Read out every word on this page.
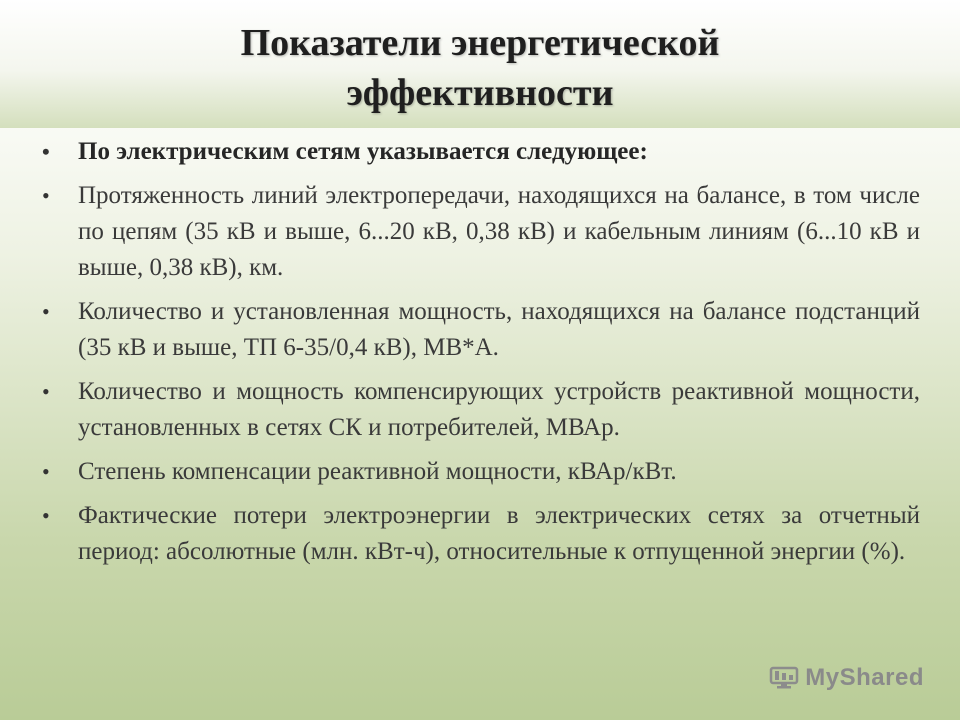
Показатели энергетической
эффективности
• По электрическим сетям указывается следующее:
• Протяженность линий электропередачи, находящихся на балансе, в том числе по цепям (35 кВ и выше, 6...20 кВ, 0,38 кВ) и кабельным линиям (6...10 кВ и выше, 0,38 кВ), км.
• Количество и установленная мощность, находящихся на балансе подстанций (35 кВ и выше, ТП 6-35/0,4 кВ), МВ*А.
• Количество и мощность компенсирующих устройств реактивной мощности, установленных в сетях СК и потребителей, МВАр.
• Степень компенсации реактивной мощности, кВАр/кВт.
• Фактические потери электроэнергии в электрических сетях за отчетный период: абсолютные (млн. кВт-ч), относительные к отпущенной энергии (%).
MyShared
